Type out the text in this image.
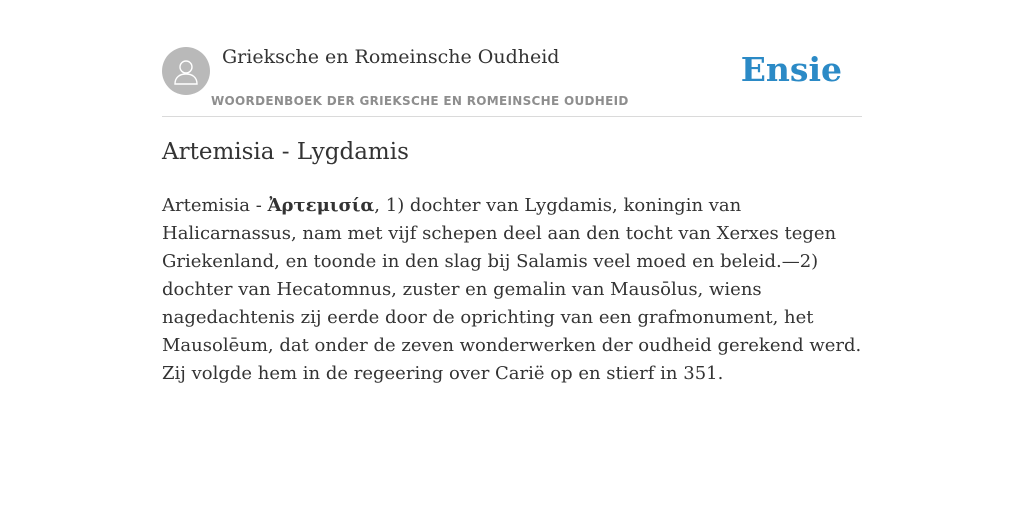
Grieksche en Romeinsche Oudheid
WOORDENBOEK DER GRIEKSCHE EN ROMEINSCHE OUDHEID
Ensie
Artemisia - Lygdamis

Artemisia - Ἀρτεμισία, 1) dochter van Lygdamis, koningin van Halicarnassus, nam met vijf schepen deel aan den tocht van Xerxes tegen Griekenland, en toonde in den slag bij Salamis veel moed en beleid.—2) dochter van Hecatomnus, zuster en gemalin van Mausōlus, wiens nagedachtenis zij eerde door de oprichting van een grafmonument, het Mausolēum, dat onder de zeven wonderwerken der oudheid gerekend werd. Zij volgde hem in de regeering over Carië op en stierf in 351.
